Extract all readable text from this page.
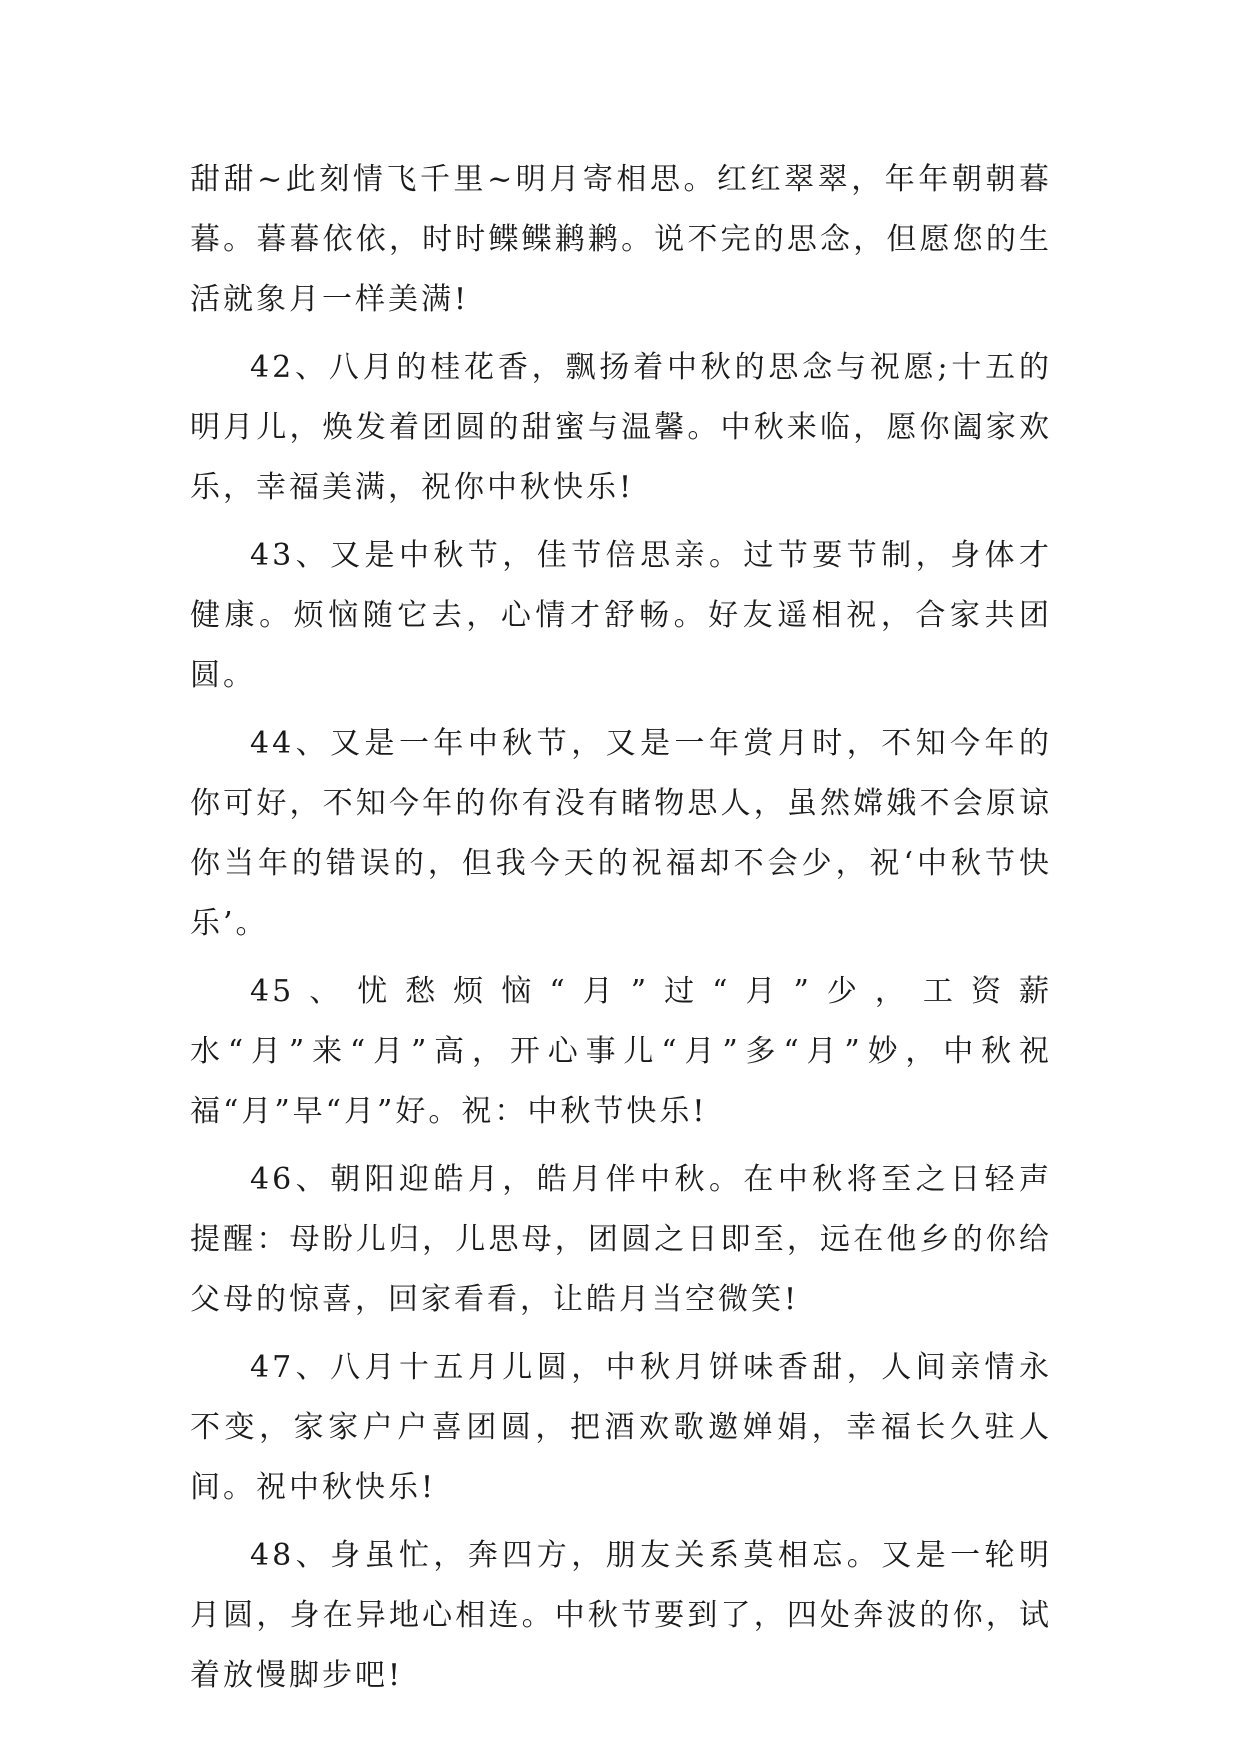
甜甜~此刻情飞千里~明月寄相思。红红翠翠，年年朝朝暮暮。暮暮依依，时时鲽鲽鹣鹣。说不完的思念，但愿您的生活就象月一样美满!

42、八月的桂花香，飘扬着中秋的思念与祝愿;十五的明月儿，焕发着团圆的甜蜜与温馨。中秋来临，愿你阖家欢乐，幸福美满，祝你中秋快乐!

43、又是中秋节，佳节倍思亲。过节要节制，身体才健康。烦恼随它去，心情才舒畅。好友遥相祝，合家共团圆。

44、又是一年中秋节，又是一年赏月时，不知今年的你可好，不知今年的你有没有睹物思人，虽然嫦娥不会原谅你当年的错误的，但我今天的祝福却不会少，祝‘中秋节快乐’。

45、忧愁烦恼“月”过“月”少，工资薪水“月”来“月”高，开心事儿“月”多“月”妙，中秋祝福“月”早“月”好。祝：中秋节快乐!

46、朝阳迎皓月，皓月伴中秋。在中秋将至之日轻声提醒：母盼儿归，儿思母，团圆之日即至，远在他乡的你给父母的惊喜，回家看看，让皓月当空微笑!

47、八月十五月儿圆，中秋月饼味香甜，人间亲情永不变，家家户户喜团圆，把酒欢歌邀婵娟，幸福长久驻人间。祝中秋快乐!

48、身虽忙，奔四方，朋友关系莫相忘。又是一轮明月圆，身在异地心相连。中秋节要到了，四处奔波的你，试着放慢脚步吧!
